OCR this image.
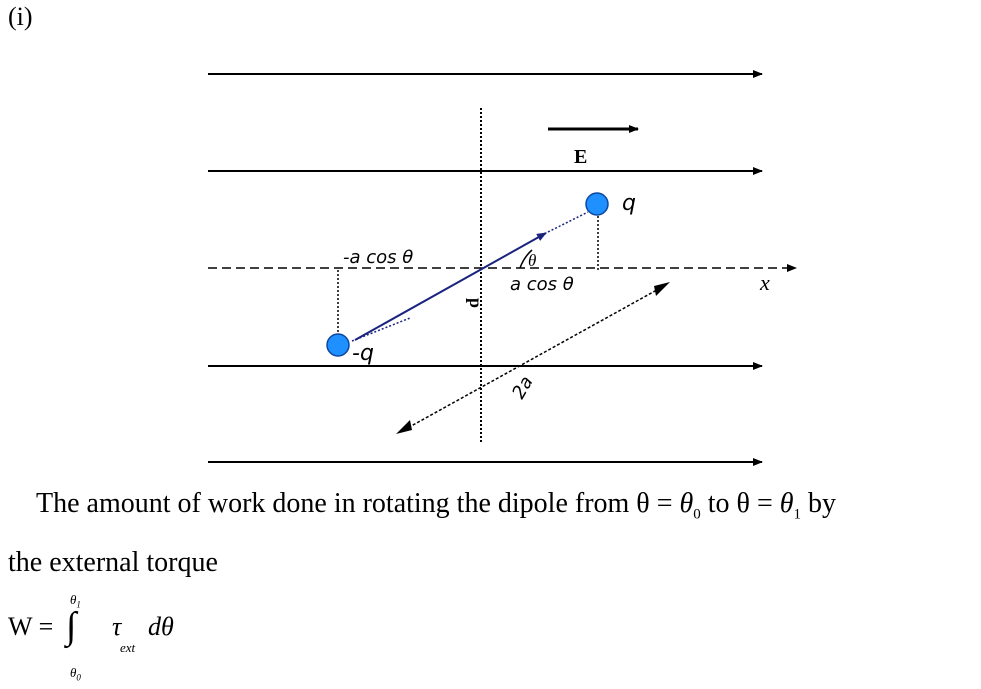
(i)
E
θ
q
-q
-a cos θ
a cos θ	x
p
2a
The amount of work done in rotating the dipole from $\theta = \theta_0$ to $\theta = \theta_1$ by
the external torque
W = ∫
$\theta_1$
$\theta_0$
τ
ext
dθ
